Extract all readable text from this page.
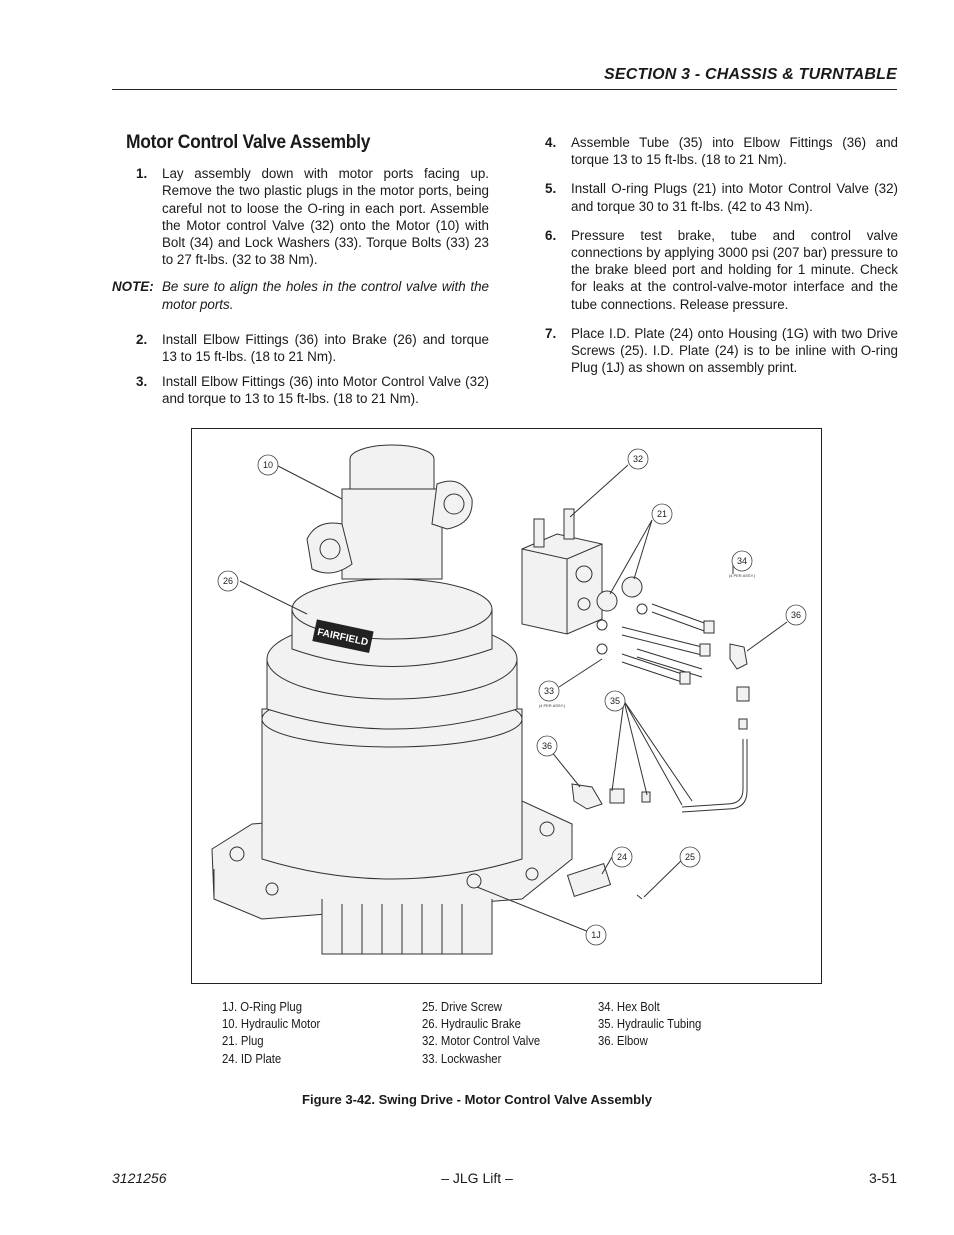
SECTION 3 - CHASSIS & TURNTABLE
Motor Control Valve Assembly
1. Lay assembly down with motor ports facing up. Remove the two plastic plugs in the motor ports, being careful not to loose the O-ring in each port. Assemble the Motor control Valve (32) onto the Motor (10) with Bolt (34) and Lock Washers (33). Torque Bolts (33) 23 to 27 ft-lbs. (32 to 38 Nm).
NOTE: Be sure to align the holes in the control valve with the motor ports.
2. Install Elbow Fittings (36) into Brake (26) and torque 13 to 15 ft-lbs. (18 to 21 Nm).
3. Install Elbow Fittings (36) into Motor Control Valve (32) and torque to 13 to 15 ft-lbs. (18 to 21 Nm).
4. Assemble Tube (35) into Elbow Fittings (36) and torque 13 to 15 ft-lbs. (18 to 21 Nm).
5. Install O-ring Plugs (21) into Motor Control Valve (32) and torque 30 to 31 ft-lbs. (42 to 43 Nm).
6. Pressure test brake, tube and control valve connections by applying 3000 psi (207 bar) pressure to the brake bleed port and holding for 1 minute. Check for leaks at the control-valve-motor interface and the tube connections. Release pressure.
7. Place I.D. Plate (24) onto Housing (1G) with two Drive Screws (25). I.D. Plate (24) is to be inline with O-ring Plug (1J) as shown on assembly print.
FAIRFIELD
10
26
32
21
34
(4 PER ASSY.)
36
33
(4 PER ASSY.)	35
36
24	25
1J
1J. O-Ring Plug
10. Hydraulic Motor
21. Plug
24. ID Plate
25. Drive Screw
26. Hydraulic Brake
32. Motor Control Valve
33. Lockwasher
34. Hex Bolt
35. Hydraulic Tubing
36. Elbow
Figure 3-42. Swing Drive - Motor Control Valve Assembly
3121256	– JLG Lift –	3-51
